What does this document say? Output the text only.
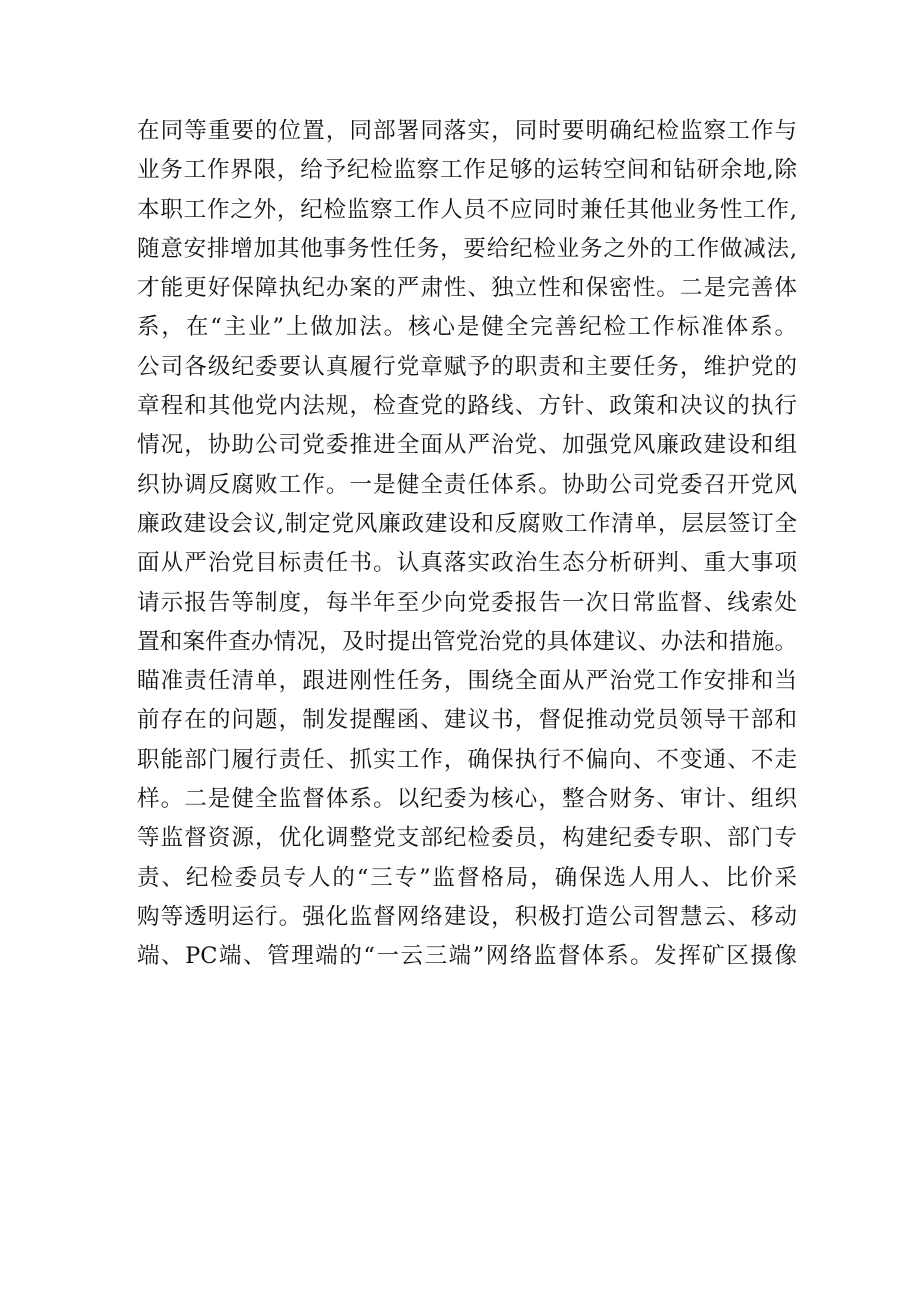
在同等重要的位置，同部署同落实，同时要明确纪检监察工作与
业务工作界限，给予纪检监察工作足够的运转空间和钻研余地,除
本职工作之外，纪检监察工作人员不应同时兼任其他业务性工作,
随意安排增加其他事务性任务，要给纪检业务之外的工作做减法,
才能更好保障执纪办案的严肃性、独立性和保密性。二是完善体
系，在“主业”上做加法。核心是健全完善纪检工作标准体系。
公司各级纪委要认真履行党章赋予的职责和主要任务，维护党的
章程和其他党内法规，检查党的路线、方针、政策和决议的执行
情况，协助公司党委推进全面从严治党、加强党风廉政建设和组
织协调反腐败工作。一是健全责任体系。协助公司党委召开党风
廉政建设会议,制定党风廉政建设和反腐败工作清单，层层签订全
面从严治党目标责任书。认真落实政治生态分析研判、重大事项
请示报告等制度，每半年至少向党委报告一次日常监督、线索处
置和案件查办情况，及时提出管党治党的具体建议、办法和措施。
瞄准责任清单，跟进刚性任务，围绕全面从严治党工作安排和当
前存在的问题，制发提醒函、建议书，督促推动党员领导干部和
职能部门履行责任、抓实工作，确保执行不偏向、不变通、不走
样。二是健全监督体系。以纪委为核心，整合财务、审计、组织
等监督资源，优化调整党支部纪检委员，构建纪委专职、部门专
责、纪检委员专人的“三专”监督格局，确保选人用人、比价采
购等透明运行。强化监督网络建设，积极打造公司智慧云、移动
端、PC端、管理端的“一云三端”网络监督体系。发挥矿区摄像
